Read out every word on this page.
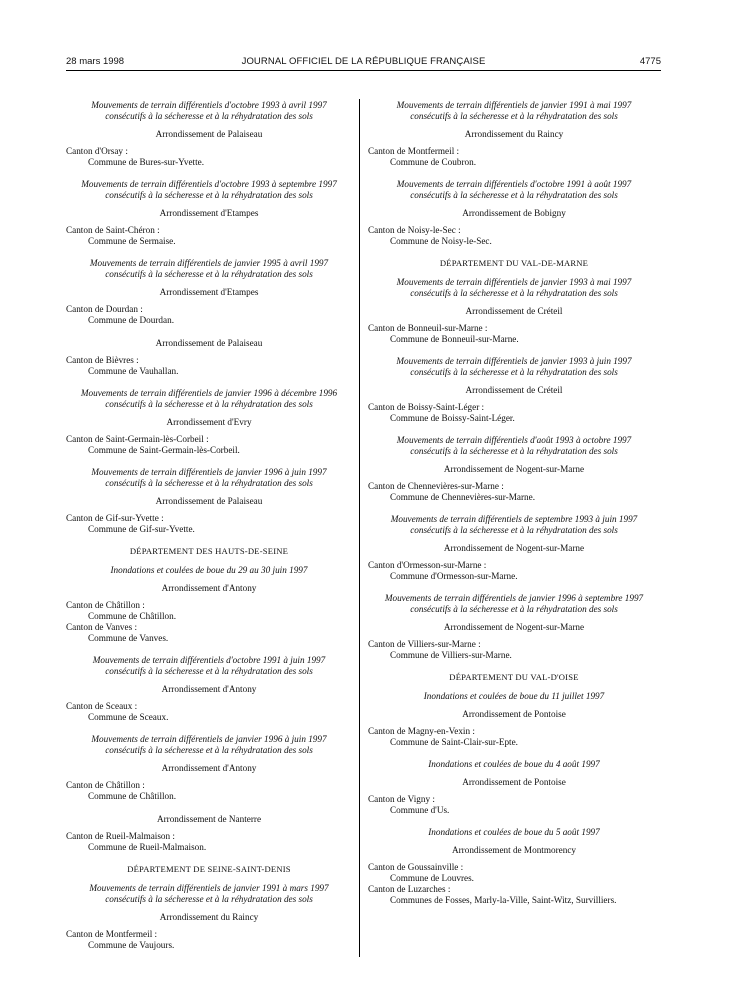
28 mars 1998	JOURNAL OFFICIEL DE LA RÉPUBLIQUE FRANÇAISE	4775

Mouvements de terrain différentiels d'octobre 1993 à avril 1997 consécutifs à la sécheresse et à la réhydratation des sols

Arrondissement de Palaiseau

Canton d'Orsay :

Commune de Bures-sur-Yvette.

Mouvements de terrain différentiels d'octobre 1993 à septembre 1997 consécutifs à la sécheresse et à la réhydratation des sols

Arrondissement d'Etampes

Canton de Saint-Chéron :

Commune de Sermaise.

Mouvements de terrain différentiels de janvier 1995 à avril 1997 consécutifs à la sécheresse et à la réhydratation des sols

Arrondissement d'Etampes

Canton de Dourdan :

Commune de Dourdan.

Arrondissement de Palaiseau

Canton de Bièvres :

Commune de Vauhallan.

Mouvements de terrain différentiels de janvier 1996 à décembre 1996 consécutifs à la sécheresse et à la réhydratation des sols

Arrondissement d'Evry

Canton de Saint-Germain-lès-Corbeil :

Commune de Saint-Germain-lès-Corbeil.

Mouvements de terrain différentiels de janvier 1996 à juin 1997 consécutifs à la sécheresse et à la réhydratation des sols

Arrondissement de Palaiseau

Canton de Gif-sur-Yvette :

Commune de Gif-sur-Yvette.

DÉPARTEMENT DES HAUTS-DE-SEINE

Inondations et coulées de boue du 29 au 30 juin 1997

Arrondissement d'Antony

Canton de Châtillon :

Commune de Châtillon.

Canton de Vanves :

Commune de Vanves.

Mouvements de terrain différentiels d'octobre 1991 à juin 1997 consécutifs à la sécheresse et à la réhydratation des sols

Arrondissement d'Antony

Canton de Sceaux :

Commune de Sceaux.

Mouvements de terrain différentiels de janvier 1996 à juin 1997 consécutifs à la sécheresse et à la réhydratation des sols

Arrondissement d'Antony

Canton de Châtillon :

Commune de Châtillon.

Arrondissement de Nanterre

Canton de Rueil-Malmaison :

Commune de Rueil-Malmaison.

DÉPARTEMENT DE SEINE-SAINT-DENIS

Mouvements de terrain différentiels de janvier 1991 à mars 1997 consécutifs à la sécheresse et à la réhydratation des sols

Arrondissement du Raincy

Canton de Montfermeil :

Commune de Vaujours.

Mouvements de terrain différentiels de janvier 1991 à mai 1997 consécutifs à la sécheresse et à la réhydratation des sols

Arrondissement du Raincy

Canton de Montfermeil :

Commune de Coubron.

Mouvements de terrain différentiels d'octobre 1991 à août 1997 consécutifs à la sécheresse et à la réhydratation des sols

Arrondissement de Bobigny

Canton de Noisy-le-Sec :

Commune de Noisy-le-Sec.

DÉPARTEMENT DU VAL-DE-MARNE

Mouvements de terrain différentiels de janvier 1993 à mai 1997 consécutifs à la sécheresse et à la réhydratation des sols

Arrondissement de Créteil

Canton de Bonneuil-sur-Marne :

Commune de Bonneuil-sur-Marne.

Mouvements de terrain différentiels de janvier 1993 à juin 1997 consécutifs à la sécheresse et à la réhydratation des sols

Arrondissement de Créteil

Canton de Boissy-Saint-Léger :

Commune de Boissy-Saint-Léger.

Mouvements de terrain différentiels d'août 1993 à octobre 1997 consécutifs à la sécheresse et à la réhydratation des sols

Arrondissement de Nogent-sur-Marne

Canton de Chennevières-sur-Marne :

Commune de Chennevières-sur-Marne.

Mouvements de terrain différentiels de septembre 1993 à juin 1997 consécutifs à la sécheresse et à la réhydratation des sols

Arrondissement de Nogent-sur-Marne

Canton d'Ormesson-sur-Marne :

Commune d'Ormesson-sur-Marne.

Mouvements de terrain différentiels de janvier 1996 à septembre 1997 consécutifs à la sécheresse et à la réhydratation des sols

Arrondissement de Nogent-sur-Marne

Canton de Villiers-sur-Marne :

Commune de Villiers-sur-Marne.

DÉPARTEMENT DU VAL-D'OISE

Inondations et coulées de boue du 11 juillet 1997

Arrondissement de Pontoise

Canton de Magny-en-Vexin :

Commune de Saint-Clair-sur-Epte.

Inondations et coulées de boue du 4 août 1997

Arrondissement de Pontoise

Canton de Vigny :

Commune d'Us.

Inondations et coulées de boue du 5 août 1997

Arrondissement de Montmorency

Canton de Goussainville :

Commune de Louvres.

Canton de Luzarches :

Communes de Fosses, Marly-la-Ville, Saint-Witz, Survilliers.
